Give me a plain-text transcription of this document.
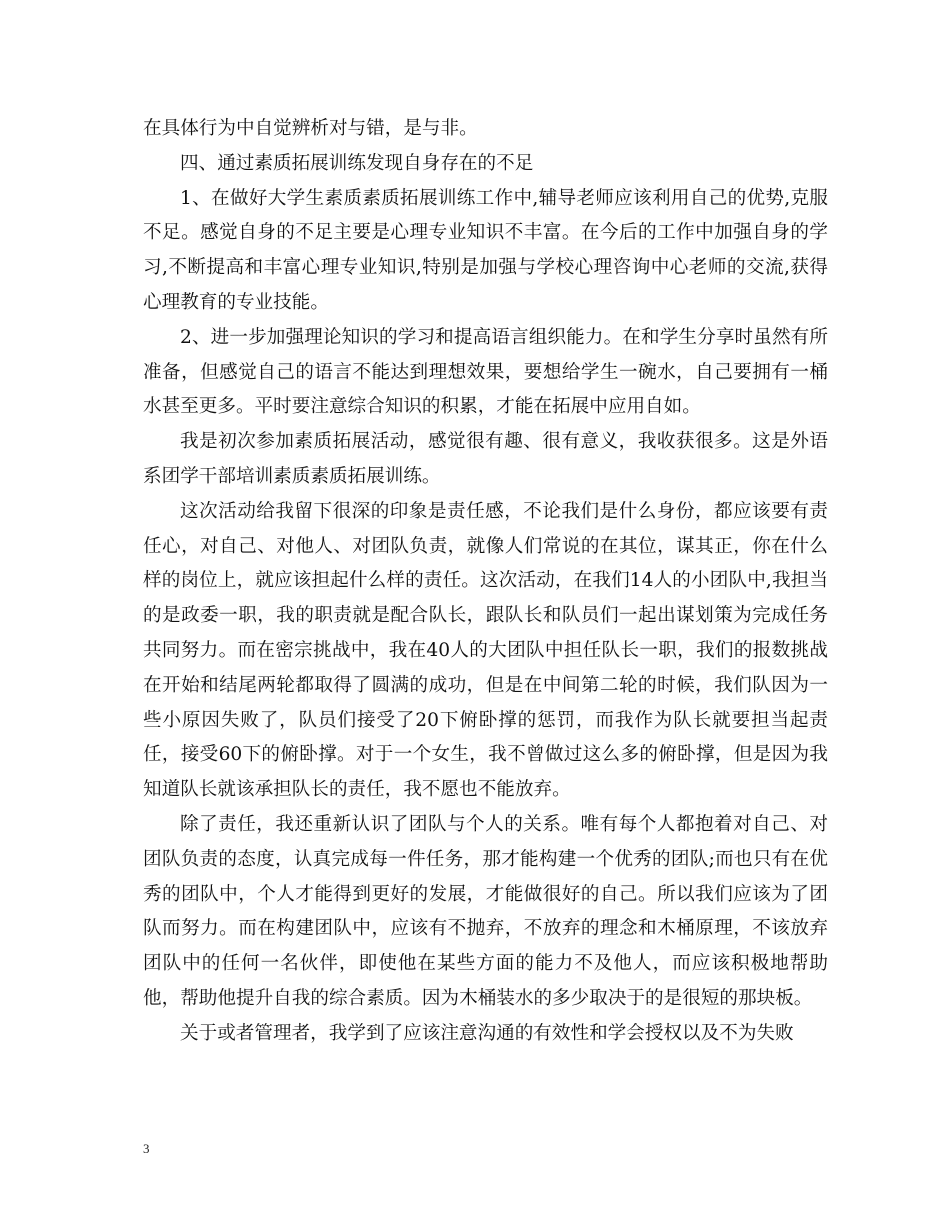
在具体行为中自觉辨析对与错，是与非。

四、通过素质拓展训练发现自身存在的不足

1、在做好大学生素质素质拓展训练工作中,辅导老师应该利用自己的优势,克服不足。感觉自身的不足主要是心理专业知识不丰富。在今后的工作中加强自身的学习,不断提高和丰富心理专业知识,特别是加强与学校心理咨询中心老师的交流,获得心理教育的专业技能。

2、进一步加强理论知识的学习和提高语言组织能力。在和学生分享时虽然有所准备，但感觉自己的语言不能达到理想效果，要想给学生一碗水，自己要拥有一桶水甚至更多。平时要注意综合知识的积累，才能在拓展中应用自如。

我是初次参加素质拓展活动，感觉很有趣、很有意义，我收获很多。这是外语系团学干部培训素质素质拓展训练。

这次活动给我留下很深的印象是责任感，不论我们是什么身份，都应该要有责任心，对自己、对他人、对团队负责，就像人们常说的在其位，谋其正，你在什么样的岗位上，就应该担起什么样的责任。这次活动，在我们14人的小团队中,我担当的是政委一职，我的职责就是配合队长，跟队长和队员们一起出谋划策为完成任务共同努力。而在密宗挑战中，我在40人的大团队中担任队长一职，我们的报数挑战在开始和结尾两轮都取得了圆满的成功，但是在中间第二轮的时候，我们队因为一些小原因失败了，队员们接受了20下俯卧撑的惩罚，而我作为队长就要担当起责任，接受60下的俯卧撑。对于一个女生，我不曾做过这么多的俯卧撑，但是因为我知道队长就该承担队长的责任，我不愿也不能放弃。

除了责任，我还重新认识了团队与个人的关系。唯有每个人都抱着对自己、对团队负责的态度，认真完成每一件任务，那才能构建一个优秀的团队;而也只有在优秀的团队中，个人才能得到更好的发展，才能做很好的自己。所以我们应该为了团队而努力。而在构建团队中，应该有不抛弃，不放弃的理念和木桶原理，不该放弃团队中的任何一名伙伴，即使他在某些方面的能力不及他人，而应该积极地帮助他，帮助他提升自我的综合素质。因为木桶装水的多少取决于的是很短的那块板。

关于或者管理者，我学到了应该注意沟通的有效性和学会授权以及不为失败

3
